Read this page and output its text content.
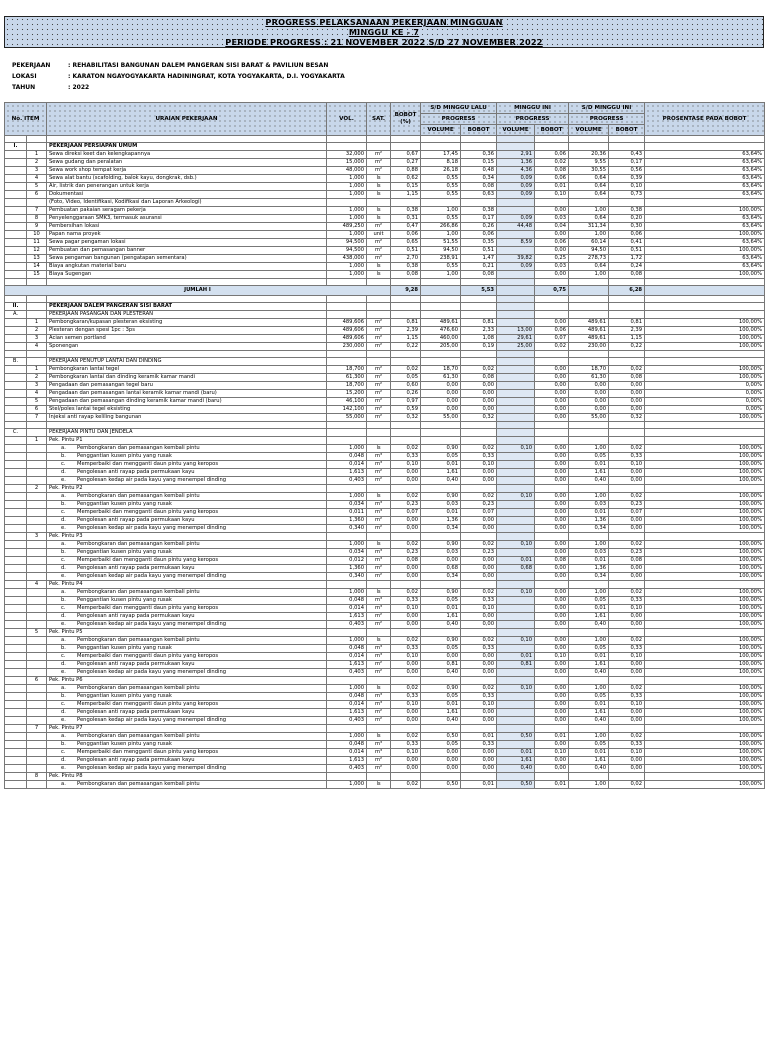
PROGRESS PELAKSANAAN PEKERJAAN MINGGUAN
MINGGU KE - 7
PERIODE PROGRESS : 21 NOVEMBER 2022 S/D 27 NOVEMBER 2022
PEKERJAAN	: REHABILITASI BANGUNAN DALEM PANGERAN SISI BARAT & PAVILIUN BESAN
LOKASI	: KARATON NGAYOGYAKARTA HADININGRAT, KOTA YOGYAKARTA, D.I. YOGYAKARTA
TAHUN	: 2022
No. ITEM		URAIAN PEKERJAAN	VOL.	SAT.	BOBOT (%)	S/D MINGGU LALU		MINGGU INI		S/D MINGGU INI		PROSENTASE PADA BOBOT
						PROGRESS		PROGRESS		PROGRESS		
						VOLUME	BOBOT	VOLUME	BOBOT	VOLUME	BOBOT	

I.		PEKERJAAN PERSIAPAN UMUM										
	1	Sewa direksi keet dan kelengkapannya	32,000	m²	0,67	17,45	0,36	2,91	0,06	20,36	0,43	63,64%
	2	Sewa gudang dan peralatan	15,000	m²	0,27	8,18	0,15	1,36	0,02	9,55	0,17	63,64%
	3	Sewa work shop tempat kerja	48,000	m²	0,88	26,18	0,48	4,36	0,08	30,55	0,56	63,64%
	4	Sewa alat bantu (scafolding, balok kayu, dongkrak, dsb.)	1,000	ls	0,62	0,55	0,34	0,09	0,06	0,64	0,39	63,64%
	5	Air, listrik dan penerangan untuk kerja	1,000	ls	0,15	0,55	0,08	0,09	0,01	0,64	0,10	63,64%
	6	Dokumentasi	1,000	ls	1,15	0,55	0,63	0,09	0,10	0,64	0,73	63,64%
		(Foto, Video, Identifikasi, Kodifikasi dan Laporan Arkeologi)										
	7	Pembuatan pakaian seragam pekerja	1,000	ls	0,38	1,00	0,38		0,00	1,00	0,38	100,00%
	8	Penyelenggaraan SMK3, termasuk asuransi	1,000	ls	0,31	0,55	0,17	0,09	0,03	0,64	0,20	63,64%
	9	Pembersihan lokasi	489,250	m²	0,47	266,86	0,26	44,48	0,04	311,34	0,30	63,64%
	10	Papan nama proyek	1,000	unit	0,06	1,00	0,06		0,00	1,00	0,06	100,00%
	11	Sewa pagar pengaman lokasi	94,500	m²	0,65	51,55	0,35	8,59	0,06	60,14	0,41	63,64%
	12	Pembuatan dan pemasangan banner	94,500	m²	0,51	94,50	0,51		0,00	94,50	0,51	100,00%
	13	Sewa pengaman bangunan (pengatapan sementara)	438,000	m²	2,70	238,91	1,47	39,82	0,25	278,73	1,72	63,64%
	14	Biaya angkutan material baru	1,000	ls	0,38	0,55	0,21	0,09	0,03	0,64	0,24	63,64%
	15	Biaya Sugengan	1,000	ls	0,08	1,00	0,08		0,00	1,00	0,08	100,00%

JUMLAH I					9,28		5,53		0,75		6,28	

II.		PEKERJAAN DALEM PANGERAN SISI BARAT										
A.		PEKERJAAN PASANGAN DAN PLESTERAN										
	1	Pembongkaran/kupasan plesteran eksisting	489,606	m²	0,81	489,61	0,81		0,00	489,61	0,81	100,00%
	2	Plesteran dengan spesi 1pc : 3ps	489,606	m²	2,39	476,60	2,33	13,00	0,06	489,61	2,39	100,00%
	3	Acian semen portland	489,606	m²	1,15	460,00	1,08	29,61	0,07	489,61	1,15	100,00%
	4	Sponengan	230,000	m²	0,22	205,00	0,19	25,00	0,02	230,00	0,22	100,00%

B.		PEKERJAAN PENUTUP LANTAI DAN DINDING										
	1	Pembongkaran lantai tegel	18,700	m²	0,02	18,70	0,02		0,00	18,70	0,02	100,00%
	2	Pembongkaran lantai dan dinding keramik kamar mandi	61,300	m²	0,05	61,30	0,08		0,00	61,30	0,08	100,00%
	3	Pengadaan dan pemasangan tegel baru	18,700	m²	0,60	0,00	0,00		0,00	0,00	0,00	0,00%
	4	Pengadaan dan pemasangan lantai keramik kamar mandi (baru)	15,200	m²	0,26	0,00	0,00		0,00	0,00	0,00	0,00%
	5	Pengadaan dan pemasangan dinding keramik kamar mandi (baru)	46,100	m²	0,97	0,00	0,00		0,00	0,00	0,00	0,00%
	6	Stel/poles lantai tegel eksisting	142,100	m²	0,59	0,00	0,00		0,00	0,00	0,00	0,00%
	7	Injeksi anti rayap keliling bangunan	55,000	m²	0,32	55,00	0,32		0,00	55,00	0,32	100,00%

C.		PEKERJAAN PINTU DAN JENDELA										
	1	Pek. Pintu P1										
		a. Pembongkaran dan pemasangan kembali pintu	1,000	ls	0,02	0,90	0,02	0,10	0,00	1,00	0,02	100,00%
		b. Penggantian kusen pintu yang rusak	0,048	m³	0,33	0,05	0,33		0,00	0,05	0,33	100,00%
		c. Memperbaiki dan mengganti daun pintu yang keropos	0,014	m³	0,10	0,01	0,10		0,00	0,01	0,10	100,00%
		d. Pengolesan anti rayap pada permukaan kayu	1,613	m²	0,00	1,61	0,00		0,00	1,61	0,00	100,00%
		e. Pengolesan kedap air pada kayu yang menempel dinding	0,403	m²	0,00	0,40	0,00		0,00	0,40	0,00	100,00%
	2	Pek. Pintu P2										
		a. Pembongkaran dan pemasangan kembali pintu	1,000	ls	0,02	0,90	0,02	0,10	0,00	1,00	0,02	100,00%
		b. Penggantian kusen pintu yang rusak	0,034	m³	0,23	0,03	0,23		0,00	0,03	0,23	100,00%
		c. Memperbaiki dan mengganti daun pintu yang keropos	0,011	m³	0,07	0,01	0,07		0,00	0,01	0,07	100,00%
		d. Pengolesan anti rayap pada permukaan kayu	1,360	m²	0,00	1,36	0,00		0,00	1,36	0,00	100,00%
		e. Pengolesan kedap air pada kayu yang menempel dinding	0,340	m²	0,00	0,34	0,00		0,00	0,34	0,00	100,00%
	3	Pek. Pintu P3										
		a. Pembongkaran dan pemasangan kembali pintu	1,000	ls	0,02	0,90	0,02	0,10	0,00	1,00	0,02	100,00%
		b. Penggantian kusen pintu yang rusak	0,034	m³	0,23	0,03	0,23		0,00	0,03	0,23	100,00%
		c. Memperbaiki dan mengganti daun pintu yang keropos	0,012	m³	0,08	0,00	0,00	0,01	0,08	0,01	0,08	100,00%
		d. Pengolesan anti rayap pada permukaan kayu	1,360	m²	0,00	0,68	0,00	0,68	0,00	1,36	0,00	100,00%
		e. Pengolesan kedap air pada kayu yang menempel dinding	0,340	m²	0,00	0,34	0,00		0,00	0,34	0,00	100,00%
	4	Pek. Pintu P4										
		a. Pembongkaran dan pemasangan kembali pintu	1,000	ls	0,02	0,90	0,02	0,10	0,00	1,00	0,02	100,00%
		b. Penggantian kusen pintu yang rusak	0,048	m³	0,33	0,05	0,33		0,00	0,05	0,33	100,00%
		c. Memperbaiki dan mengganti daun pintu yang keropos	0,014	m³	0,10	0,01	0,10		0,00	0,01	0,10	100,00%
		d. Pengolesan anti rayap pada permukaan kayu	1,613	m²	0,00	1,61	0,00		0,00	1,61	0,00	100,00%
		e. Pengolesan kedap air pada kayu yang menempel dinding	0,403	m²	0,00	0,40	0,00		0,00	0,40	0,00	100,00%
	5	Pek. Pintu P5										
		a. Pembongkaran dan pemasangan kembali pintu	1,000	ls	0,02	0,90	0,02	0,10	0,00	1,00	0,02	100,00%
		b. Penggantian kusen pintu yang rusak	0,048	m³	0,33	0,05	0,33		0,00	0,05	0,33	100,00%
		c. Memperbaiki dan mengganti daun pintu yang keropos	0,014	m³	0,10	0,00	0,00	0,01	0,10	0,01	0,10	100,00%
		d. Pengolesan anti rayap pada permukaan kayu	1,613	m²	0,00	0,81	0,00	0,81	0,00	1,61	0,00	100,00%
		e. Pengolesan kedap air pada kayu yang menempel dinding	0,403	m²	0,00	0,40	0,00		0,00	0,40	0,00	100,00%
	6	Pek. Pintu P6										
		a. Pembongkaran dan pemasangan kembali pintu	1,000	ls	0,02	0,90	0,02	0,10	0,00	1,00	0,02	100,00%
		b. Penggantian kusen pintu yang rusak	0,048	m³	0,33	0,05	0,33		0,00	0,05	0,33	100,00%
		c. Memperbaiki dan mengganti daun pintu yang keropos	0,014	m³	0,10	0,01	0,10		0,00	0,01	0,10	100,00%
		d. Pengolesan anti rayap pada permukaan kayu	1,613	m²	0,00	1,61	0,00		0,00	1,61	0,00	100,00%
		e. Pengolesan kedap air pada kayu yang menempel dinding	0,403	m²	0,00	0,40	0,00		0,00	0,40	0,00	100,00%
	7	Pek. Pintu P7										
		a. Pembongkaran dan pemasangan kembali pintu	1,000	ls	0,02	0,50	0,01	0,50	0,01	1,00	0,02	100,00%
		b. Penggantian kusen pintu yang rusak	0,048	m³	0,33	0,05	0,33		0,00	0,05	0,33	100,00%
		c. Memperbaiki dan mengganti daun pintu yang keropos	0,014	m³	0,10	0,00	0,00	0,01	0,10	0,01	0,10	100,00%
		d. Pengolesan anti rayap pada permukaan kayu	1,613	m²	0,00	0,00	0,00	1,61	0,00	1,61	0,00	100,00%
		e. Pengolesan kedap air pada kayu yang menempel dinding	0,403	m²	0,00	0,00	0,00	0,40	0,00	0,40	0,00	100,00%
	8	Pek. Pintu P8										
		a. Pembongkaran dan pemasangan kembali pintu	1,000	ls	0,02	0,50	0,01	0,50	0,01	1,00	0,02	100,00%
